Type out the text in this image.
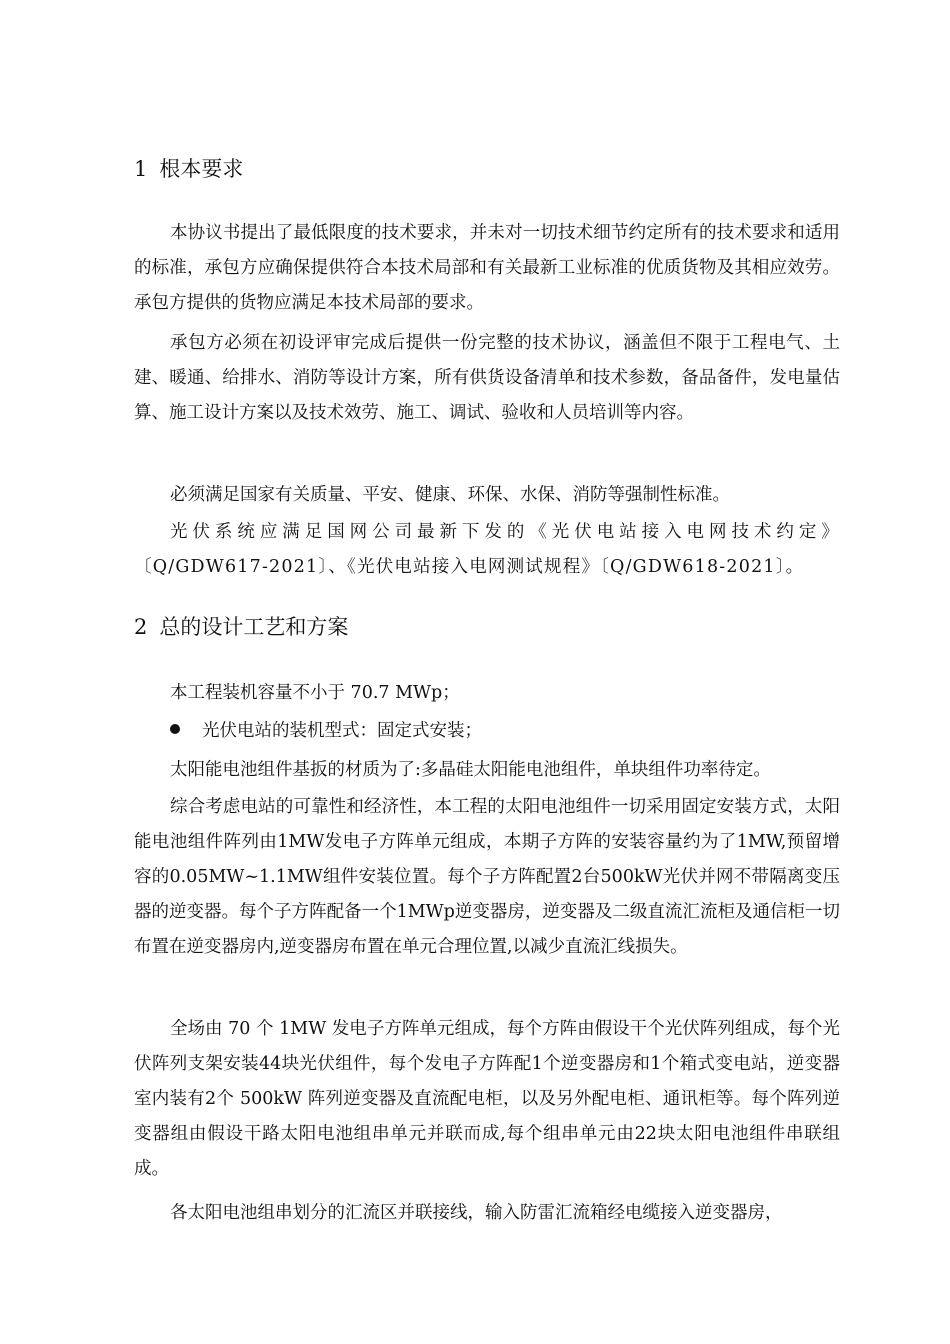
1 根本要求

本协议书提出了最低限度的技术要求，并未对一切技术细节约定所有的技术要求和适用的标准，承包方应确保提供符合本技术局部和有关最新工业标准的优质货物及其相应效劳。承包方提供的货物应满足本技术局部的要求。

承包方必须在初设评审完成后提供一份完整的技术协议，涵盖但不限于工程电气、土建、暖通、给排水、消防等设计方案，所有供货设备清单和技术参数，备品备件，发电量估算、施工设计方案以及技术效劳、施工、调试、验收和人员培训等内容。

必须满足国家有关质量、平安、健康、环保、水保、消防等强制性标准。

光伏系统应满足国网公司最新下发的《光伏电站接入电网技术约定》〔Q/GDW617-2021〕、《光伏电站接入电网测试规程》〔Q/GDW618-2021〕。

2 总的设计工艺和方案

本工程装机容量不小于 70.7 MWp；

光伏电站的装机型式：固定式安装；

太阳能电池组件基扳的材质为了:多晶硅太阳能电池组件，单块组件功率待定。

综合考虑电站的可靠性和经济性，本工程的太阳电池组件一切采用固定安装方式，太阳能电池组件阵列由1MW发电子方阵单元组成，本期子方阵的安装容量约为了1MW,预留增容的0.05MW~1.1MW组件安装位置。每个子方阵配置2台500kW光伏并网不带隔离变压器的逆变器。每个子方阵配备一个1MWp逆变器房，逆变器及二级直流汇流柜及通信柜一切布置在逆变器房内,逆变器房布置在单元合理位置,以减少直流汇线损失。

全场由 70 个 1MW 发电子方阵单元组成，每个方阵由假设干个光伏阵列组成，每个光伏阵列支架安装44块光伏组件，每个发电子方阵配1个逆变器房和1个箱式变电站，逆变器室内装有2个 500kW 阵列逆变器及直流配电柜，以及另外配电柜、通讯柜等。每个阵列逆变器组由假设干路太阳电池组串单元并联而成,每个组串单元由22块太阳电池组件串联组成。

各太阳电池组串划分的汇流区并联接线，输入防雷汇流箱经电缆接入逆变器房，
